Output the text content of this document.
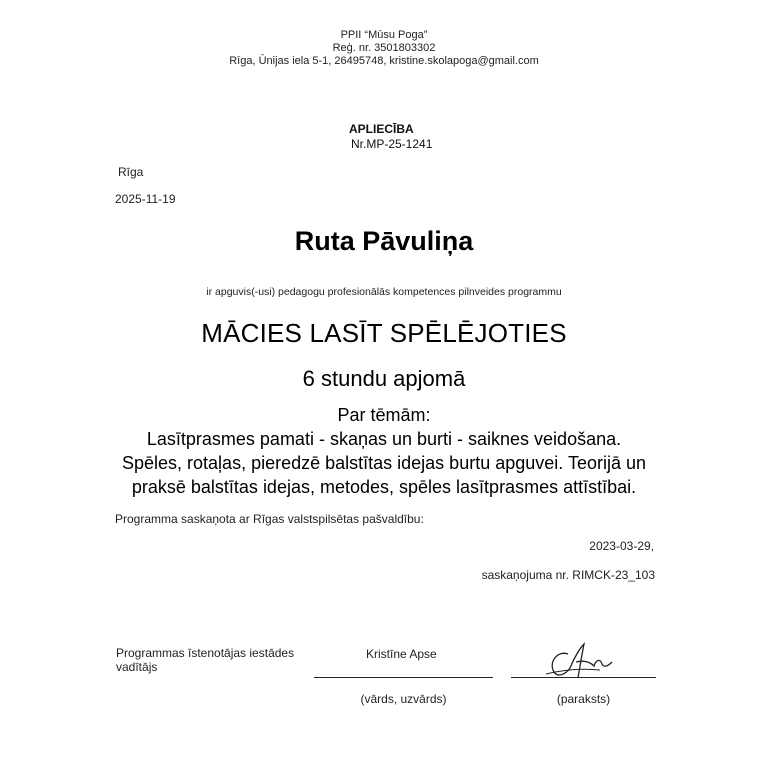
PPII “Mūsu Poga”
Reģ. nr. 3501803302
Rīga, Ūnijas iela 5-1, 26495748, kristine.skolapoga@gmail.com
APLIECĪBA
Nr.MP-25-1241
Rīga
2025-11-19
Ruta Pāvuliņa
ir apguvis(-usi) pedagogu profesionālās kompetences pilnveides programmu
MĀCIES LASĪT SPĒLĒJOTIES
6 stundu apjomā
Par tēmām:
Lasītprasmes pamati - skaņas un burti - saiknes veidošana.
Spēles, rotaļas, pieredzē balstītas idejas burtu apguvei. Teorijā un
praksē balstītas idejas, metodes, spēles lasītprasmes attīstībai.
Programma saskaņota ar Rīgas valstspilsētas pašvaldību:
2023-03-29,
saskaņojuma nr. RIMCK-23_103
Programmas īstenotājas iestādes vadītājs
Kristīne Apse
(vārds, uzvārds)	(paraksts)
